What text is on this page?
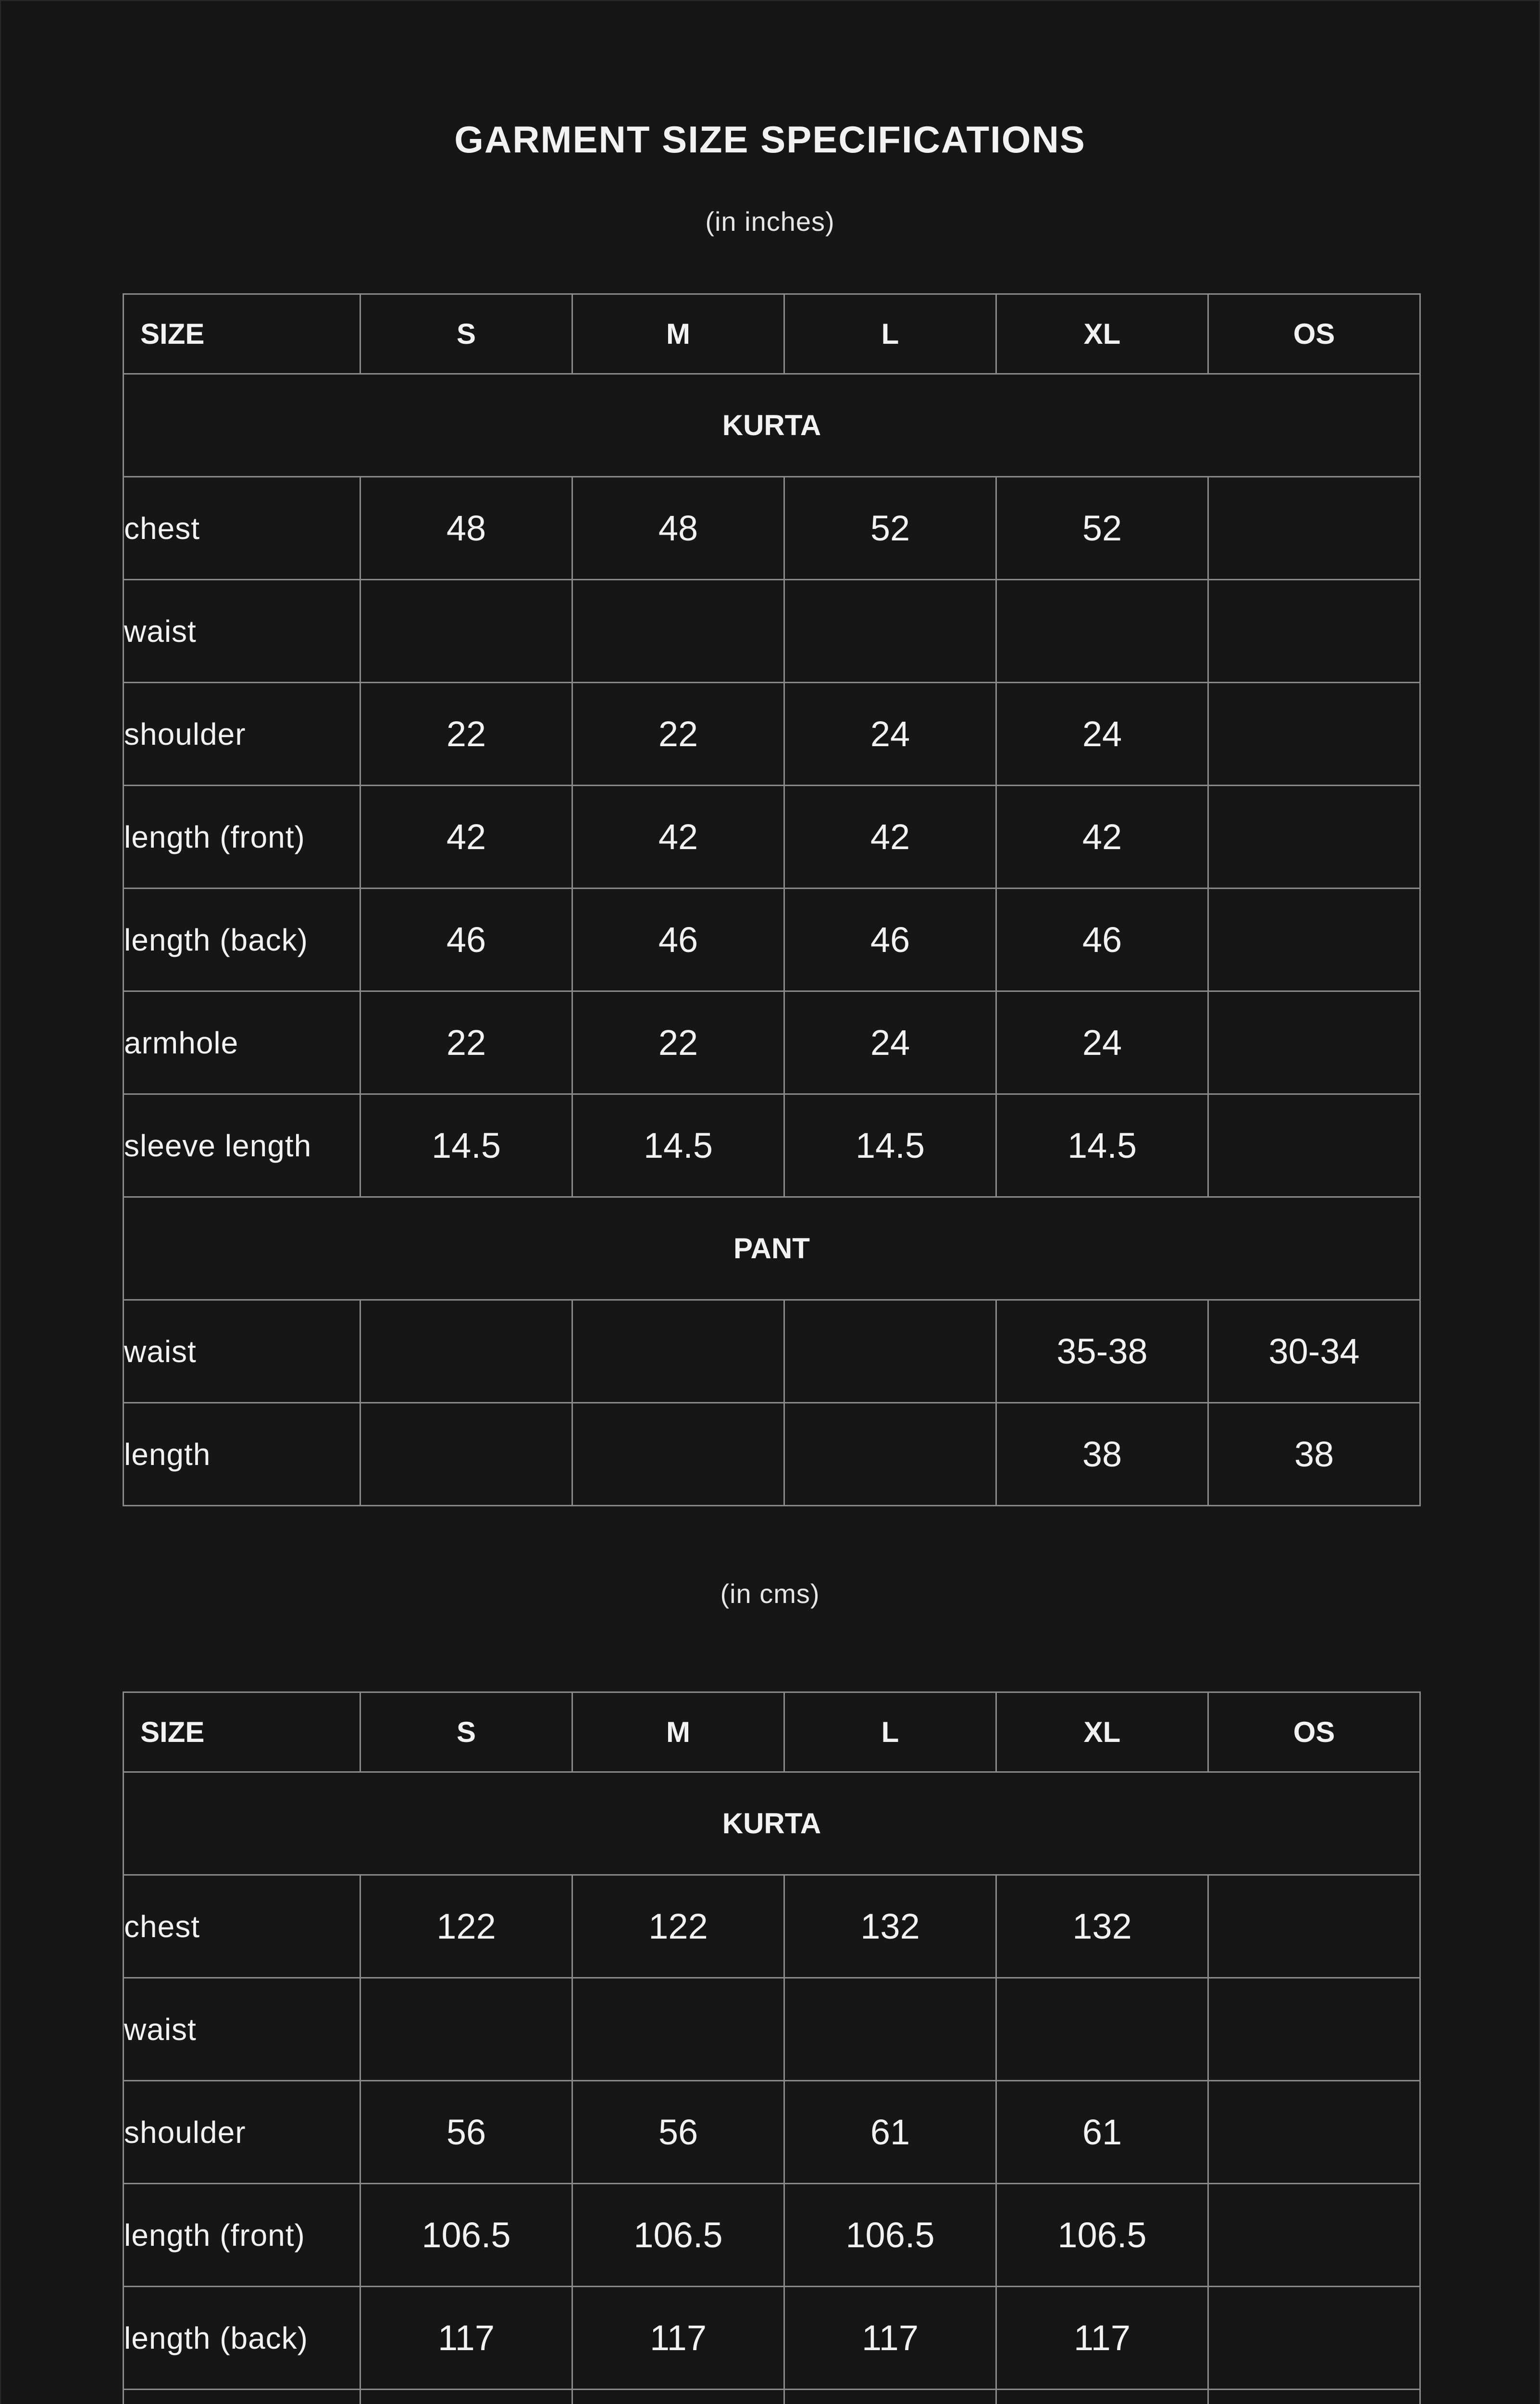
GARMENT SIZE SPECIFICATIONS
(in inches)
SIZE	S	M	L	XL	OS
KURTA					
chest	48	48	52	52	
waist					
shoulder	22	22	24	24	
length (front)	42	42	42	42	
length (back)	46	46	46	46	
armhole	22	22	24	24	
sleeve length	14.5	14.5	14.5	14.5	
PANT					
waist				35-38	30-34
length				38	38
(in cms)
SIZE	S	M	L	XL	OS
KURTA					
chest	122	122	132	132	
waist					
shoulder	56	56	61	61	
length (front)	106.5	106.5	106.5	106.5	
length (back)	117	117	117	117	
